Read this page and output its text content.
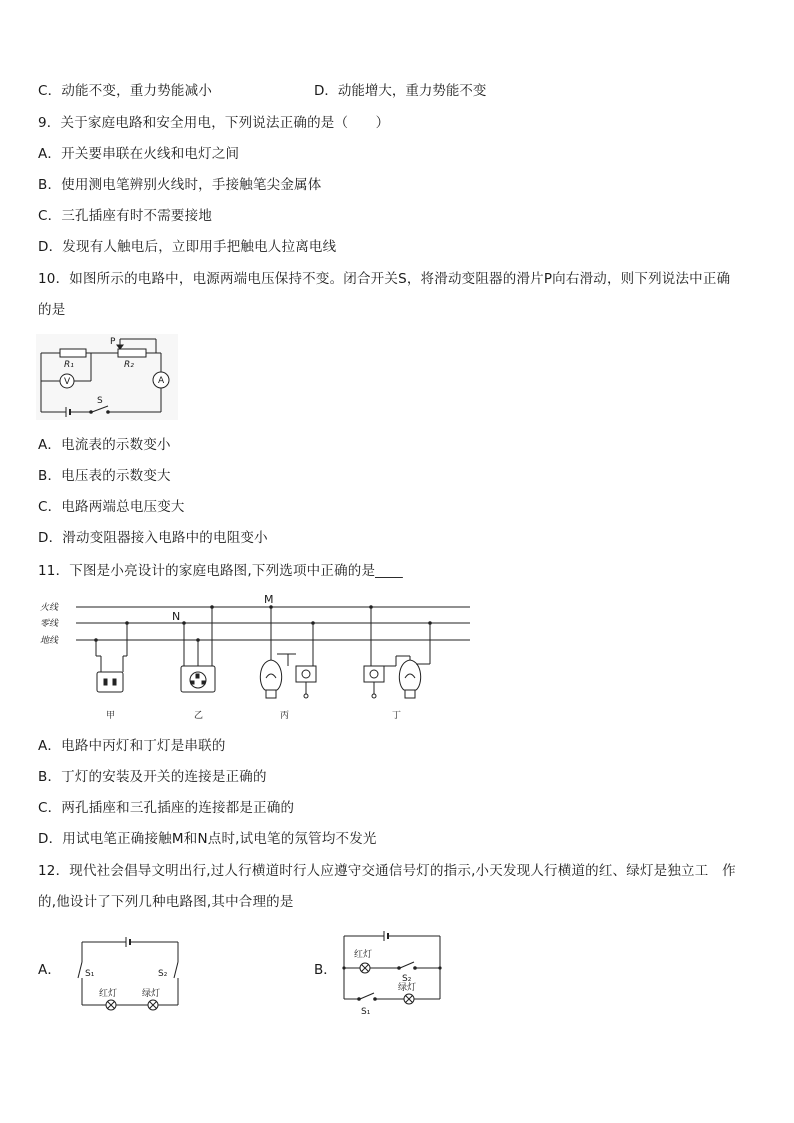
C．动能不变，重力势能减小	D．动能增大，重力势能不变
9．关于家庭电路和安全用电，下列说法正确的是（　　）
A．开关要串联在火线和电灯之间
B．使用测电笔辨别火线时，手接触笔尖金属体
C．三孔插座有时不需要接地
D．发现有人触电后，立即用手把触电人拉离电线
10．如图所示的电路中，电源两端电压保持不变。闭合开关S，将滑动变阻器的滑片P向右滑动，则下列说法中正确
的是
P
R₁	R₂
V	A
S
A．电流表的示数变小
B．电压表的示数变大
C．电路两端总电压变大
D．滑动变阻器接入电路中的电阻变小
11．下图是小亮设计的家庭电路图,下列选项中正确的是____
火线
零线
地线
N
M
甲	乙	丙	丁
A．电路中丙灯和丁灯是串联的
B．丁灯的安装及开关的连接是正确的
C．两孔插座和三孔插座的连接都是正确的
D．用试电笔正确接触M和N点时,试电笔的氖管均不发光
12．现代社会倡导文明出行,过人行横道时行人应遵守交通信号灯的指示,小天发现人行横道的红、绿灯是独立工　作
的,他设计了下列几种电路图,其中合理的是
A．	S₁	S₂
红灯	绿灯
B．
红灯
S₂
绿灯
S₁
